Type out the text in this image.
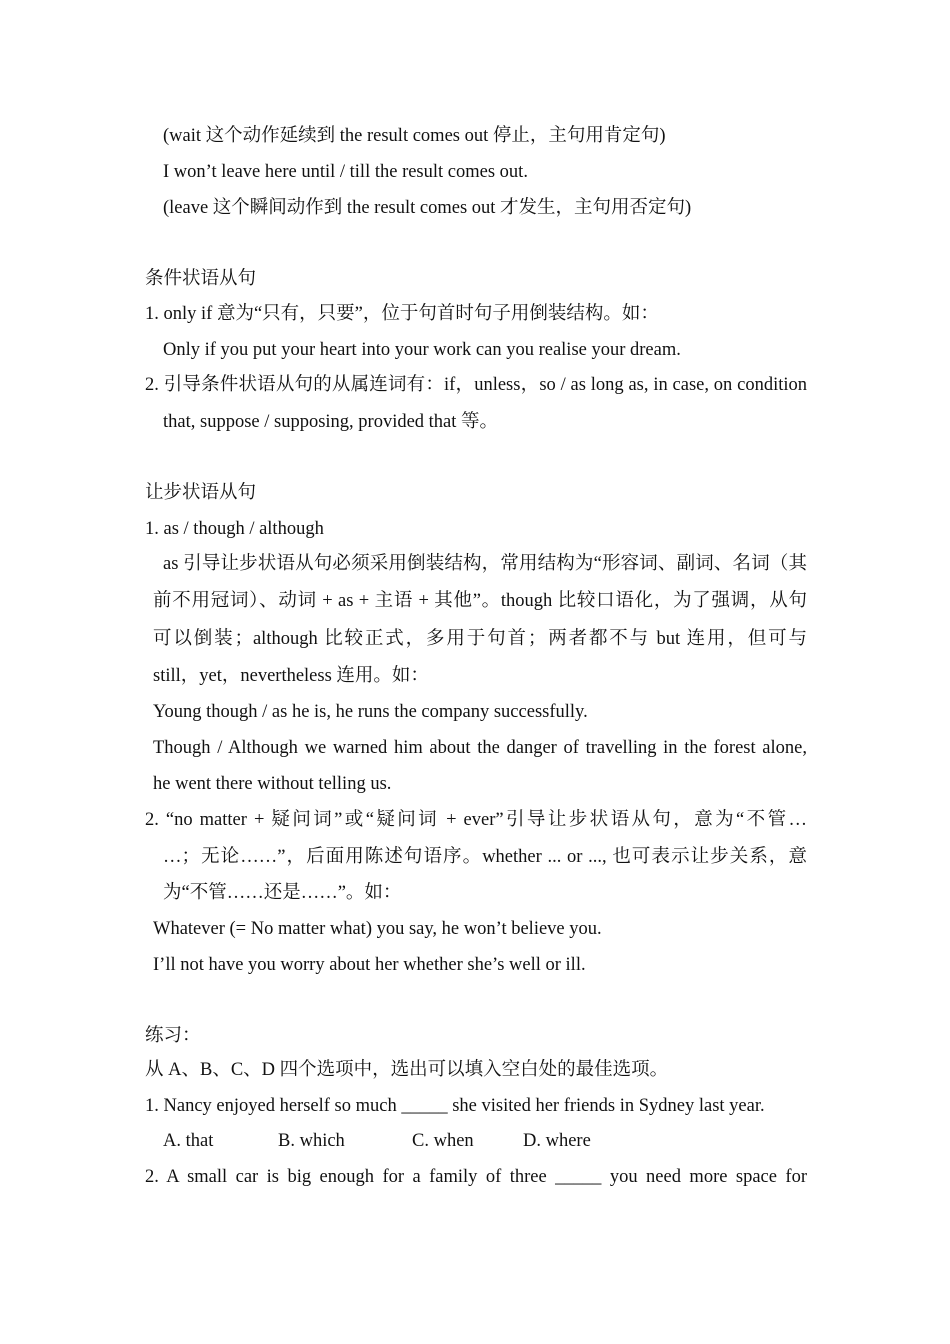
(wait 这个动作延续到 the result comes out 停止，主句用肯定句)
I won’t leave here until / till the result comes out.
(leave 这个瞬间动作到 the result comes out 才发生，主句用否定句)
条件状语从句
1. only if 意为“只有，只要”，位于句首时句子用倒装结构。如：
Only if you put your heart into your work can you realise your dream.
2. 引导条件状语从句的从属连词有：if，unless，so / as long as, in case, on condition
that, suppose / supposing, provided that 等。
让步状语从句
1. as / though / although
as 引导让步状语从句必须采用倒装结构，常用结构为“形容词、副词、名词（其
前不用冠词）、动词 + as + 主语 + 其他”。though 比较口语化，为了强调，从句
可以倒装；although 比较正式，多用于句首；两者都不与 but 连用，但可与
still，yet，nevertheless 连用。如：
Young though / as he is, he runs the company successfully.
Though / Although we warned him about the danger of travelling in the forest alone,
he went there without telling us.
2. “no matter + 疑问词”或“疑问词 + ever”引导让步状语从句，意为“不管…
…；无论……”，后面用陈述句语序。whether ... or ..., 也可表示让步关系，意
为“不管……还是……”。如：
Whatever (= No matter what) you say, he won’t believe you.
I’ll not have you worry about her whether she’s well or ill.
练习：
从 A、B、C、D 四个选项中，选出可以填入空白处的最佳选项。
1. Nancy enjoyed herself so much _____ she visited her friends in Sydney last year.
A. that	B. which	C. when	D. where
2. A small car is big enough for a family of three _____ you need more space for
